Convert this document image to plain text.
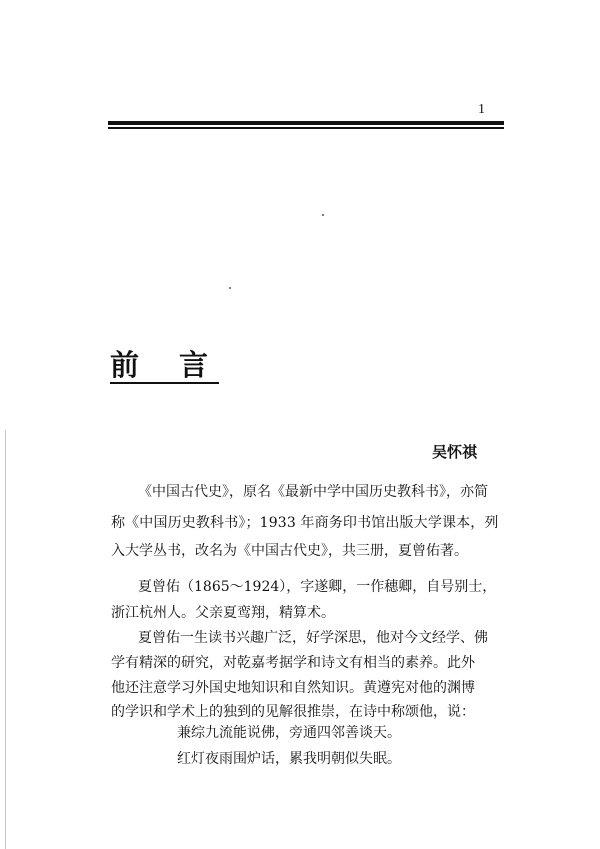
1
前言
吴怀祺
《中国古代史》，原名《最新中学中国历史教科书》，亦简
称《中国历史教科书》；1933 年商务印书馆出版大学课本，列
入大学丛书，改名为《中国古代史》，共三册，夏曾佑著。
夏曾佑（1865～1924），字遂卿，一作穗卿，自号别士，
浙江杭州人。父亲夏鸾翔，精算术。
夏曾佑一生读书兴趣广泛，好学深思，他对今文经学、佛
学有精深的研究，对乾嘉考据学和诗文有相当的素养。此外
他还注意学习外国史地知识和自然知识。黄遵宪对他的渊博
的学识和学术上的独到的见解很推崇，在诗中称颂他，说：
兼综九流能说佛，旁通四邻善谈天。
红灯夜雨围炉话，累我明朝似失眠。
